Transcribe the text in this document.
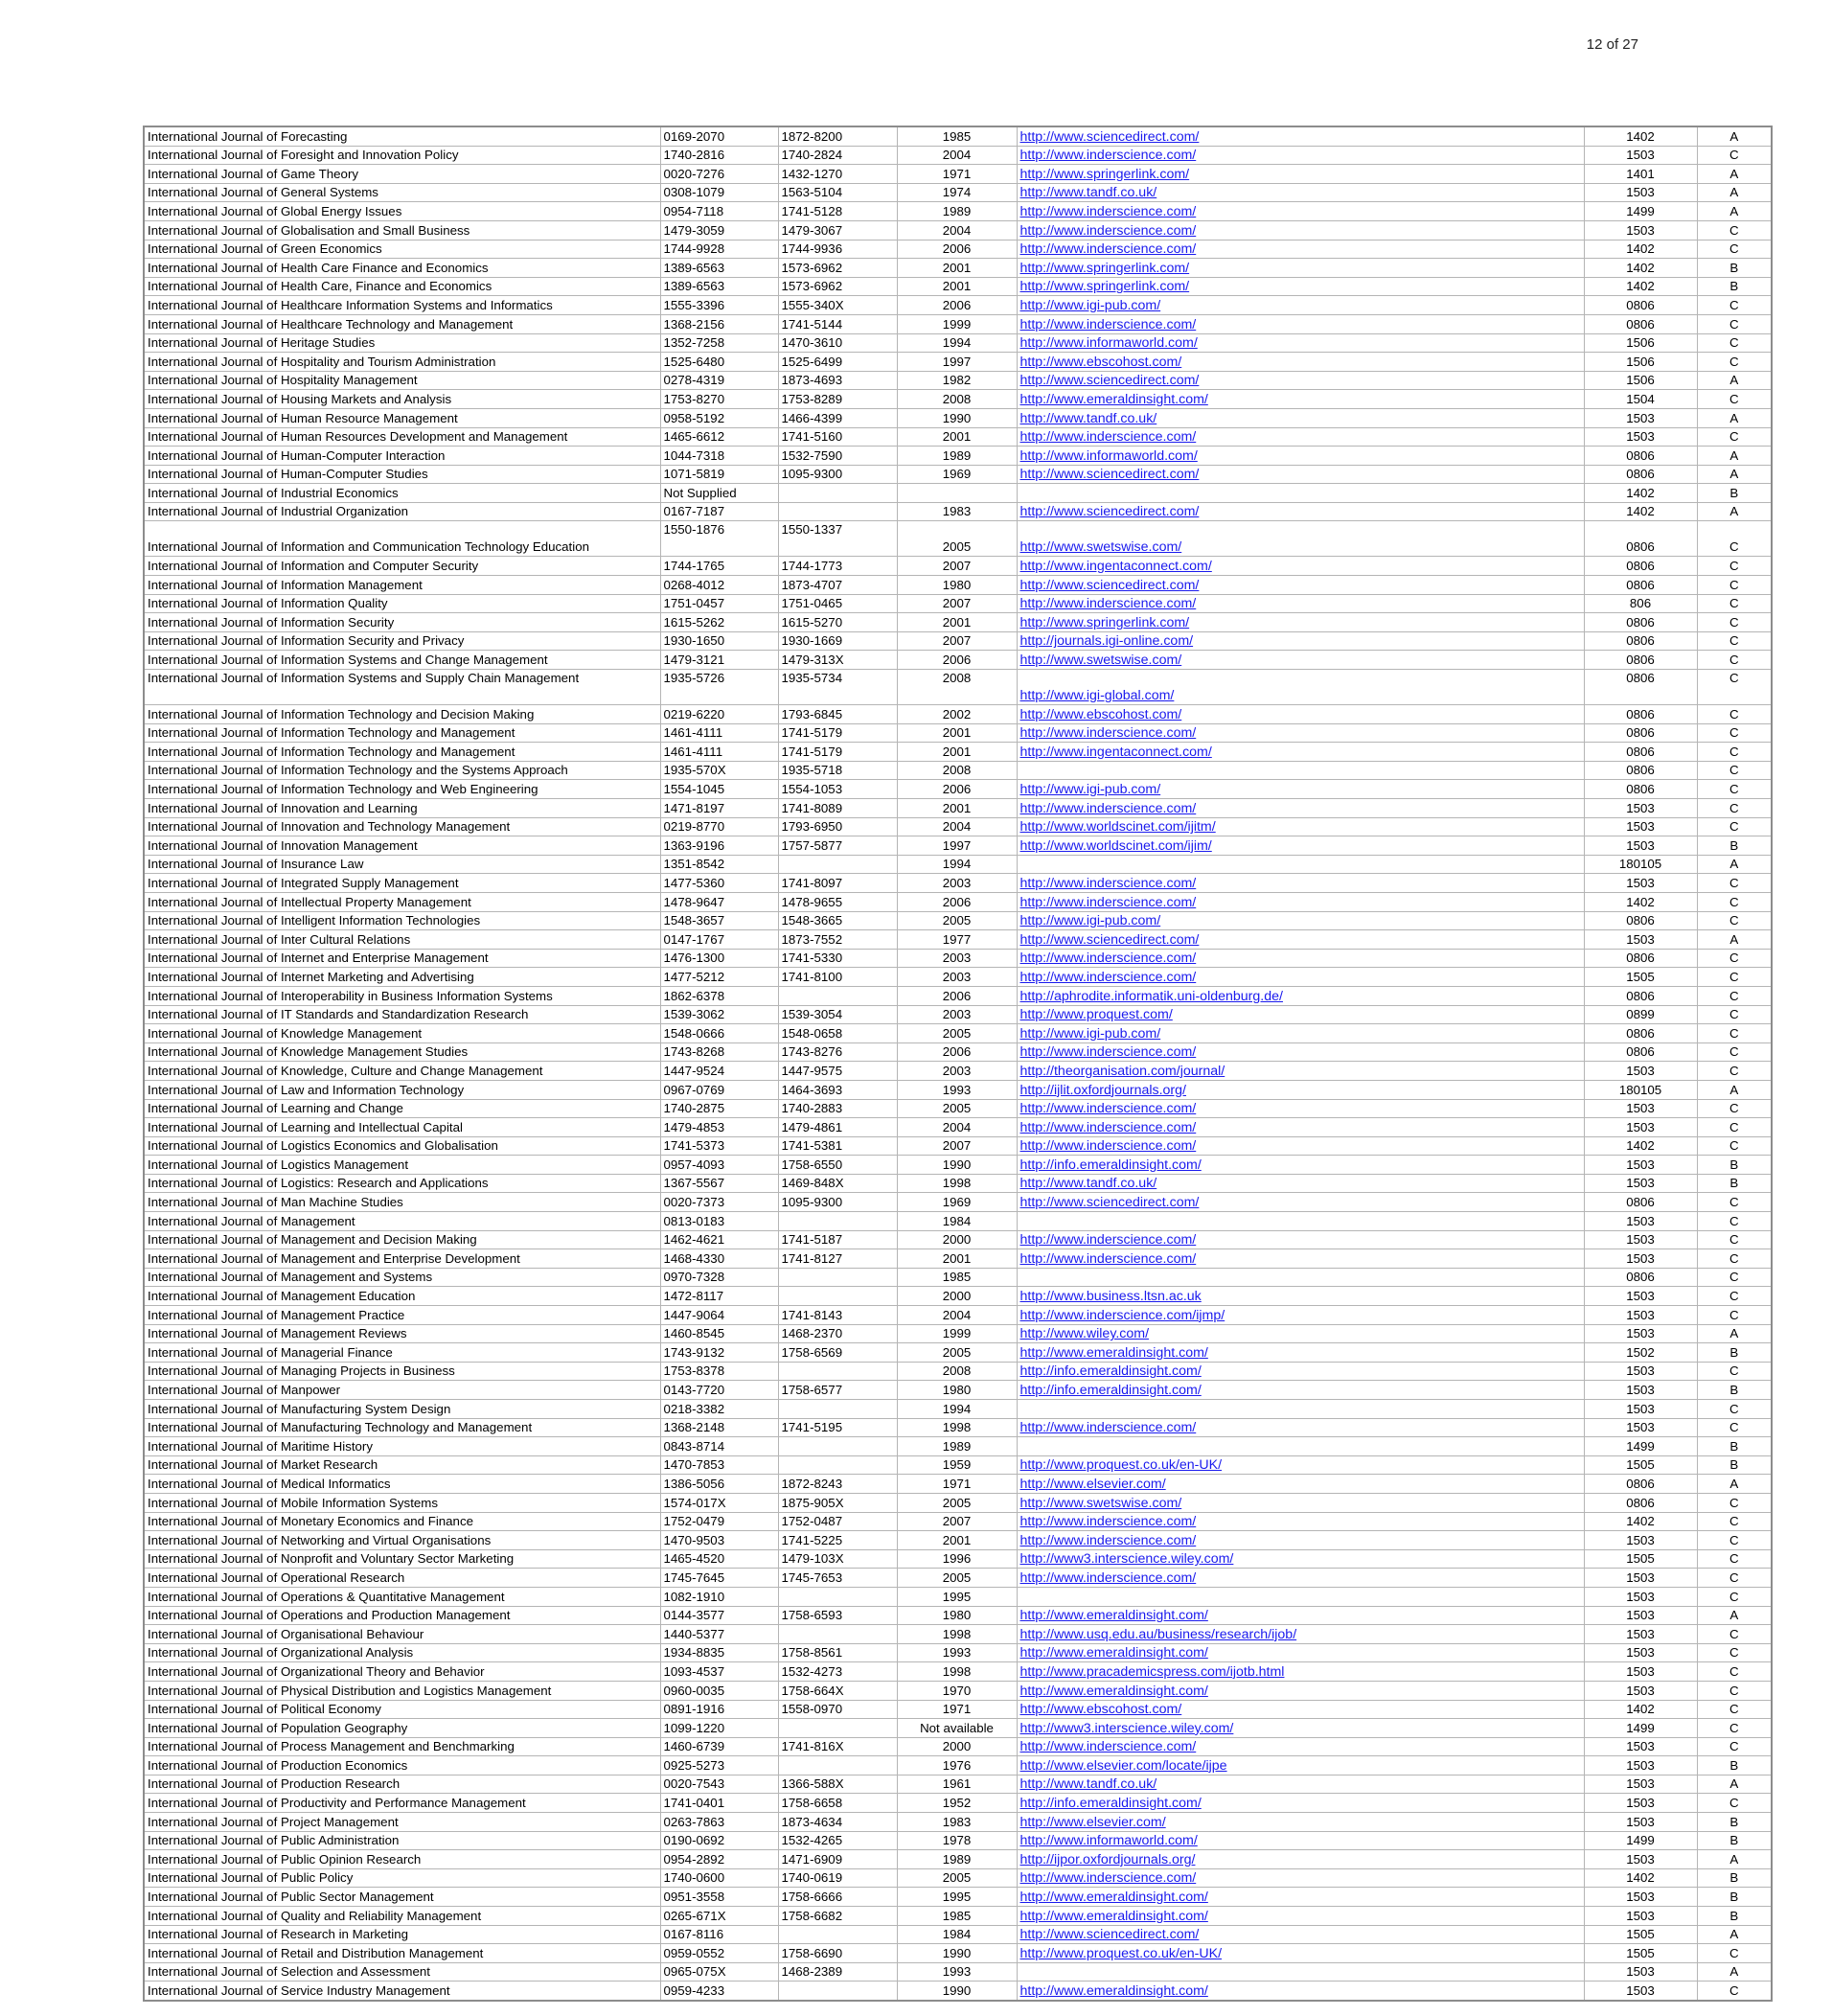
12 of 27
International Journal of Forecasting	0169-2070	1872-8200	1985	http://www.sciencedirect.com/	1402	A
International Journal of Foresight and Innovation Policy	1740-2816	1740-2824	2004	http://www.inderscience.com/	1503	C
International Journal of Game Theory	0020-7276	1432-1270	1971	http://www.springerlink.com/	1401	A
International Journal of General Systems	0308-1079	1563-5104	1974	http://www.tandf.co.uk/	1503	A
International Journal of Global Energy Issues	0954-7118	1741-5128	1989	http://www.inderscience.com/	1499	A
International Journal of Globalisation and Small Business	1479-3059	1479-3067	2004	http://www.inderscience.com/	1503	C
International Journal of Green Economics	1744-9928	1744-9936	2006	http://www.inderscience.com/	1402	C
International Journal of Health Care Finance and Economics	1389-6563	1573-6962	2001	http://www.springerlink.com/	1402	B
International Journal of Health Care, Finance and Economics	1389-6563	1573-6962	2001	http://www.springerlink.com/	1402	B
International Journal of Healthcare Information Systems and Informatics	1555-3396	1555-340X	2006	http://www.igi-pub.com/	0806	C
International Journal of Healthcare Technology and Management	1368-2156	1741-5144	1999	http://www.inderscience.com/	0806	C
International Journal of Heritage Studies	1352-7258	1470-3610	1994	http://www.informaworld.com/	1506	C
International Journal of Hospitality and Tourism Administration	1525-6480	1525-6499	1997	http://www.ebscohost.com/	1506	C
International Journal of Hospitality Management	0278-4319	1873-4693	1982	http://www.sciencedirect.com/	1506	A
International Journal of Housing Markets and Analysis	1753-8270	1753-8289	2008	http://www.emeraldinsight.com/	1504	C
International Journal of Human Resource Management	0958-5192	1466-4399	1990	http://www.tandf.co.uk/	1503	A
International Journal of Human Resources Development and Management	1465-6612	1741-5160	2001	http://www.inderscience.com/	1503	C
International Journal of Human-Computer Interaction	1044-7318	1532-7590	1989	http://www.informaworld.com/	0806	A
International Journal of Human-Computer Studies	1071-5819	1095-9300	1969	http://www.sciencedirect.com/	0806	A
International Journal of Industrial Economics	Not Supplied				1402	B
International Journal of Industrial Organization	0167-7187		1983	http://www.sciencedirect.com/	1402	A
International Journal of Information and Communication Technology Education	1550-1876	1550-1337	2005	http://www.swetswise.com/	0806	C
International Journal of Information and Computer Security	1744-1765	1744-1773	2007	http://www.ingentaconnect.com/	0806	C
International Journal of Information Management	0268-4012	1873-4707	1980	http://www.sciencedirect.com/	0806	C
International Journal of Information Quality	1751-0457	1751-0465	2007	http://www.inderscience.com/	806	C
International Journal of Information Security	1615-5262	1615-5270	2001	http://www.springerlink.com/	0806	C
International Journal of Information Security and Privacy	1930-1650	1930-1669	2007	http://journals.igi-online.com/	0806	C
International Journal of Information Systems and Change Management	1479-3121	1479-313X	2006	http://www.swetswise.com/	0806	C
International Journal of Information Systems and Supply Chain Management	1935-5726	1935-5734	2008	http://www.igi-global.com/	0806	C
International Journal of Information Technology and Decision Making	0219-6220	1793-6845	2002	http://www.ebscohost.com/	0806	C
International Journal of Information Technology and Management	1461-4111	1741-5179	2001	http://www.inderscience.com/	0806	C
International Journal of Information Technology and Management	1461-4111	1741-5179	2001	http://www.ingentaconnect.com/	0806	C
International Journal of Information Technology and the Systems Approach	1935-570X	1935-5718	2008		0806	C
International Journal of Information Technology and Web Engineering	1554-1045	1554-1053	2006	http://www.igi-pub.com/	0806	C
International Journal of Innovation and Learning	1471-8197	1741-8089	2001	http://www.inderscience.com/	1503	C
International Journal of Innovation and Technology Management	0219-8770	1793-6950	2004	http://www.worldscinet.com/ijitm/	1503	C
International Journal of Innovation Management	1363-9196	1757-5877	1997	http://www.worldscinet.com/ijim/	1503	B
International Journal of Insurance Law	1351-8542		1994		180105	A
International Journal of Integrated Supply Management	1477-5360	1741-8097	2003	http://www.inderscience.com/	1503	C
International Journal of Intellectual Property Management	1478-9647	1478-9655	2006	http://www.inderscience.com/	1402	C
International Journal of Intelligent Information Technologies	1548-3657	1548-3665	2005	http://www.igi-pub.com/	0806	C
International Journal of Inter Cultural Relations	0147-1767	1873-7552	1977	http://www.sciencedirect.com/	1503	A
International Journal of Internet and Enterprise Management	1476-1300	1741-5330	2003	http://www.inderscience.com/	0806	C
International Journal of Internet Marketing and Advertising	1477-5212	1741-8100	2003	http://www.inderscience.com/	1505	C
International Journal of Interoperability in Business Information Systems	1862-6378		2006	http://aphrodite.informatik.uni-oldenburg.de/	0806	C
International Journal of IT Standards and Standardization Research	1539-3062	1539-3054	2003	http://www.proquest.com/	0899	C
International Journal of Knowledge Management	1548-0666	1548-0658	2005	http://www.igi-pub.com/	0806	C
International Journal of Knowledge Management Studies	1743-8268	1743-8276	2006	http://www.inderscience.com/	0806	C
International Journal of Knowledge, Culture and Change Management	1447-9524	1447-9575	2003	http://theorganisation.com/journal/	1503	C
International Journal of Law and Information Technology	0967-0769	1464-3693	1993	http://ijlit.oxfordjournals.org/	180105	A
International Journal of Learning and Change	1740-2875	1740-2883	2005	http://www.inderscience.com/	1503	C
International Journal of Learning and Intellectual Capital	1479-4853	1479-4861	2004	http://www.inderscience.com/	1503	C
International Journal of Logistics Economics and Globalisation	1741-5373	1741-5381	2007	http://www.inderscience.com/	1402	C
International Journal of Logistics Management	0957-4093	1758-6550	1990	http://info.emeraldinsight.com/	1503	B
International Journal of Logistics: Research and Applications	1367-5567	1469-848X	1998	http://www.tandf.co.uk/	1503	B
International Journal of Man Machine Studies	0020-7373	1095-9300	1969	http://www.sciencedirect.com/	0806	C
International Journal of Management	0813-0183		1984		1503	C
International Journal of Management and Decision Making	1462-4621	1741-5187	2000	http://www.inderscience.com/	1503	C
International Journal of Management and Enterprise Development	1468-4330	1741-8127	2001	http://www.inderscience.com/	1503	C
International Journal of Management and Systems	0970-7328		1985		0806	C
International Journal of Management Education	1472-8117		2000	http://www.business.ltsn.ac.uk	1503	C
International Journal of Management Practice	1447-9064	1741-8143	2004	http://www.inderscience.com/ijmp/	1503	C
International Journal of Management Reviews	1460-8545	1468-2370	1999	http://www.wiley.com/	1503	A
International Journal of Managerial Finance	1743-9132	1758-6569	2005	http://www.emeraldinsight.com/	1502	B
International Journal of Managing Projects in Business	1753-8378		2008	http://info.emeraldinsight.com/	1503	C
International Journal of Manpower	0143-7720	1758-6577	1980	http://info.emeraldinsight.com/	1503	B
International Journal of Manufacturing System Design	0218-3382		1994		1503	C
International Journal of Manufacturing Technology and Management	1368-2148	1741-5195	1998	http://www.inderscience.com/	1503	C
International Journal of Maritime History	0843-8714		1989		1499	B
International Journal of Market Research	1470-7853		1959	http://www.proquest.co.uk/en-UK/	1505	B
International Journal of Medical Informatics	1386-5056	1872-8243	1971	http://www.elsevier.com/	0806	A
International Journal of Mobile Information Systems	1574-017X	1875-905X	2005	http://www.swetswise.com/	0806	C
International Journal of Monetary Economics and Finance	1752-0479	1752-0487	2007	http://www.inderscience.com/	1402	C
International Journal of Networking and Virtual Organisations	1470-9503	1741-5225	2001	http://www.inderscience.com/	1503	C
International Journal of Nonprofit and Voluntary Sector Marketing	1465-4520	1479-103X	1996	http://www3.interscience.wiley.com/	1505	C
International Journal of Operational Research	1745-7645	1745-7653	2005	http://www.inderscience.com/	1503	C
International Journal of Operations & Quantitative Management	1082-1910		1995		1503	C
International Journal of Operations and Production Management	0144-3577	1758-6593	1980	http://www.emeraldinsight.com/	1503	A
International Journal of Organisational Behaviour	1440-5377		1998	http://www.usq.edu.au/business/research/ijob/	1503	C
International Journal of Organizational Analysis	1934-8835	1758-8561	1993	http://www.emeraldinsight.com/	1503	C
International Journal of Organizational Theory and Behavior	1093-4537	1532-4273	1998	http://www.pracademicspress.com/ijotb.html	1503	C
International Journal of Physical Distribution and Logistics Management	0960-0035	1758-664X	1970	http://www.emeraldinsight.com/	1503	C
International Journal of Political Economy	0891-1916	1558-0970	1971	http://www.ebscohost.com/	1402	C
International Journal of Population Geography	1099-1220		Not available	http://www3.interscience.wiley.com/	1499	C
International Journal of Process Management and Benchmarking	1460-6739	1741-816X	2000	http://www.inderscience.com/	1503	C
International Journal of Production Economics	0925-5273		1976	http://www.elsevier.com/locate/ijpe	1503	B
International Journal of Production Research	0020-7543	1366-588X	1961	http://www.tandf.co.uk/	1503	A
International Journal of Productivity and Performance Management	1741-0401	1758-6658	1952	http://info.emeraldinsight.com/	1503	C
International Journal of Project Management	0263-7863	1873-4634	1983	http://www.elsevier.com/	1503	B
International Journal of Public Administration	0190-0692	1532-4265	1978	http://www.informaworld.com/	1499	B
International Journal of Public Opinion Research	0954-2892	1471-6909	1989	http://ijpor.oxfordjournals.org/	1503	A
International Journal of Public Policy	1740-0600	1740-0619	2005	http://www.inderscience.com/	1402	B
International Journal of Public Sector Management	0951-3558	1758-6666	1995	http://www.emeraldinsight.com/	1503	B
International Journal of Quality and Reliability Management	0265-671X	1758-6682	1985	http://www.emeraldinsight.com/	1503	B
International Journal of Research in Marketing	0167-8116		1984	http://www.sciencedirect.com/	1505	A
International Journal of Retail and Distribution Management	0959-0552	1758-6690	1990	http://www.proquest.co.uk/en-UK/	1505	C
International Journal of Selection and Assessment	0965-075X	1468-2389	1993		1503	A
International Journal of Service Industry Management	0959-4233		1990	http://www.emeraldinsight.com/	1503	C
